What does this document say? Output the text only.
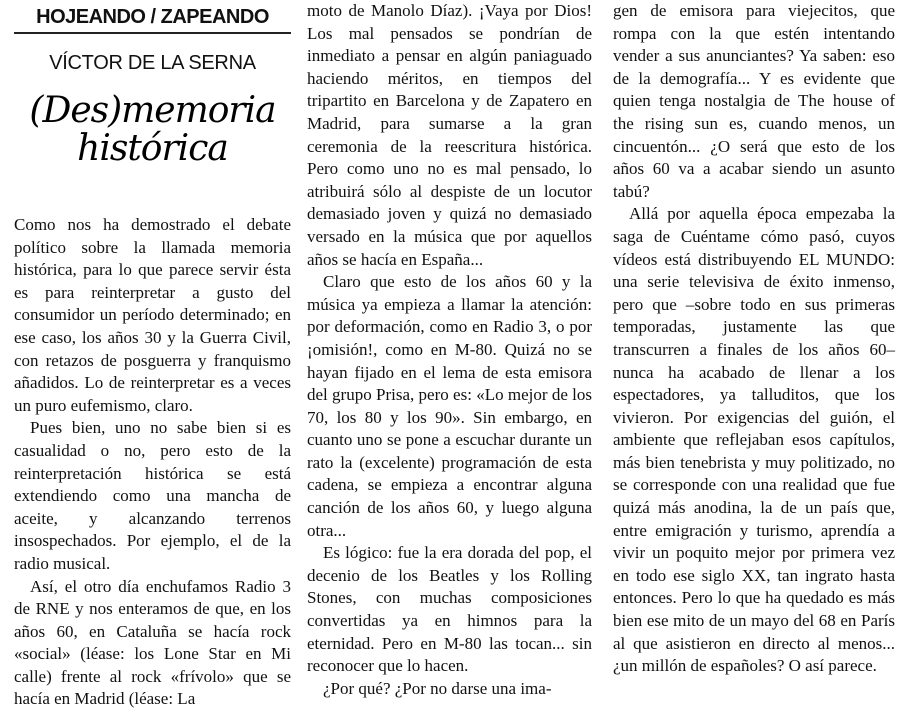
HOJEANDO / ZAPEANDO
VÍCTOR DE LA SERNA
(Des)memoria
histórica

Como nos ha demostrado el debate político sobre la llamada memoria histórica, para lo que parece servir ésta es para reinterpretar a gusto del consumidor un período determinado; en ese caso, los años 30 y la Guerra Civil, con retazos de posguerra y franquismo añadidos. Lo de reinterpretar es a veces un puro eufemismo, claro.

Pues bien, uno no sabe bien si es casualidad o no, pero esto de la reinterpretación histórica se está extendiendo como una mancha de aceite, y alcanzando terrenos insospechados. Por ejemplo, el de la radio musical.

Así, el otro día enchufamos Radio 3 de RNE y nos enteramos de que, en los años 60, en Cataluña se hacía rock «social» (léase: los Lone Star en Mi calle) frente al rock «frívolo» que se hacía en Madrid (léase: La

moto de Manolo Díaz). ¡Vaya por Dios! Los mal pensados se pondrían de inmediato a pensar en algún paniaguado haciendo méritos, en tiempos del tripartito en Barcelona y de Zapatero en Madrid, para sumarse a la gran ceremonia de la reescritura histórica. Pero como uno no es mal pensado, lo atribuirá sólo al despiste de un locutor demasiado joven y quizá no demasiado versado en la música que por aquellos años se hacía en España...

Claro que esto de los años 60 y la música ya empieza a llamar la atención: por deformación, como en Radio 3, o por ¡omisión!, como en M-80. Quizá no se hayan fijado en el lema de esta emisora del grupo Prisa, pero es: «Lo mejor de los 70, los 80 y los 90». Sin embargo, en cuanto uno se pone a escuchar durante un rato la (excelente) programación de esta cadena, se empieza a encontrar alguna canción de los años 60, y luego alguna otra...

Es lógico: fue la era dorada del pop, el decenio de los Beatles y los Rolling Stones, con muchas composiciones convertidas ya en himnos para la eternidad. Pero en M-80 las tocan... sin reconocer que lo hacen.

¿Por qué? ¿Por no darse una ima-

gen de emisora para viejecitos, que rompa con la que estén intentando vender a sus anunciantes? Ya saben: eso de la demografía... Y es evidente que quien tenga nostalgia de The house of the rising sun es, cuando menos, un cincuentón... ¿O será que esto de los años 60 va a acabar siendo un asunto tabú?

Allá por aquella época empezaba la saga de Cuéntame cómo pasó, cuyos vídeos está distribuyendo EL MUNDO: una serie televisiva de éxito inmenso, pero que –sobre todo en sus primeras temporadas, justamente las que transcurren a finales de los años 60– nunca ha acabado de llenar a los espectadores, ya talluditos, que los vivieron. Por exigencias del guión, el ambiente que reflejaban esos capítulos, más bien tenebrista y muy politizado, no se corresponde con una realidad que fue quizá más anodina, la de un país que, entre emigración y turismo, aprendía a vivir un poquito mejor por primera vez en todo ese siglo XX, tan ingrato hasta entonces. Pero lo que ha quedado es más bien ese mito de un mayo del 68 en París al que asistieron en directo al menos... ¿un millón de españoles? O así parece.
